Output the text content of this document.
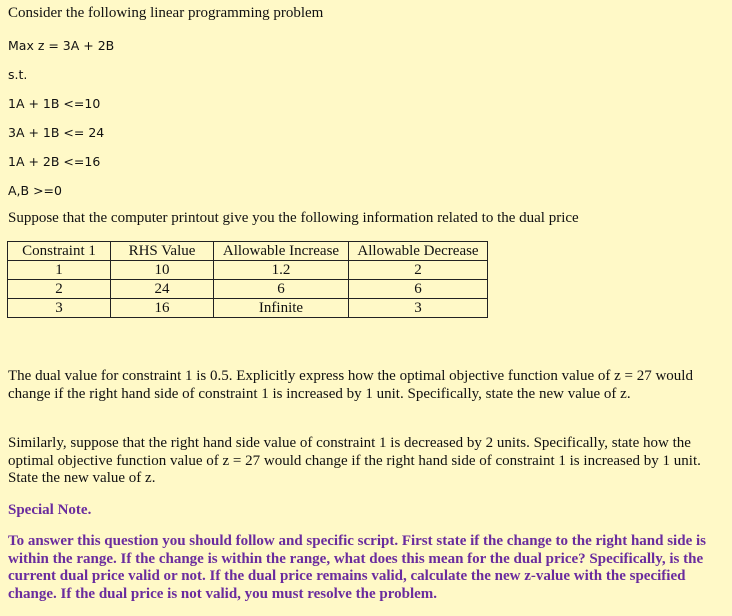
Consider the following linear programming problem

Max z = 3A + 2B

s.t.

1A + 1B <=10

3A + 1B <= 24

1A + 2B <=16

A,B >=0

Suppose that the computer printout give you the following information related to the dual price

Constraint 1	RHS Value	Allowable Increase	Allowable Decrease
1	10	1.2	2
2	24	6	6
3	16	Infinite	3

The dual value for constraint 1 is 0.5. Explicitly express how the optimal objective function value of z = 27 would change if the right hand side of constraint 1 is increased by 1 unit. Specifically, state the new value of z.

Similarly, suppose that the right hand side value of constraint 1 is decreased by 2 units. Specifically, state how the optimal objective function value of z = 27 would change if the right hand side of constraint 1 is increased by 1 unit. State the new value of z.

Special Note.

To answer this question you should follow and specific script. First state if the change to the right hand side is within the range. If the change is within the range, what does this mean for the dual price? Specifically, is the current dual price valid or not. If the dual price remains valid, calculate the new z-value with the specified change. If the dual price is not valid, you must resolve the problem.
